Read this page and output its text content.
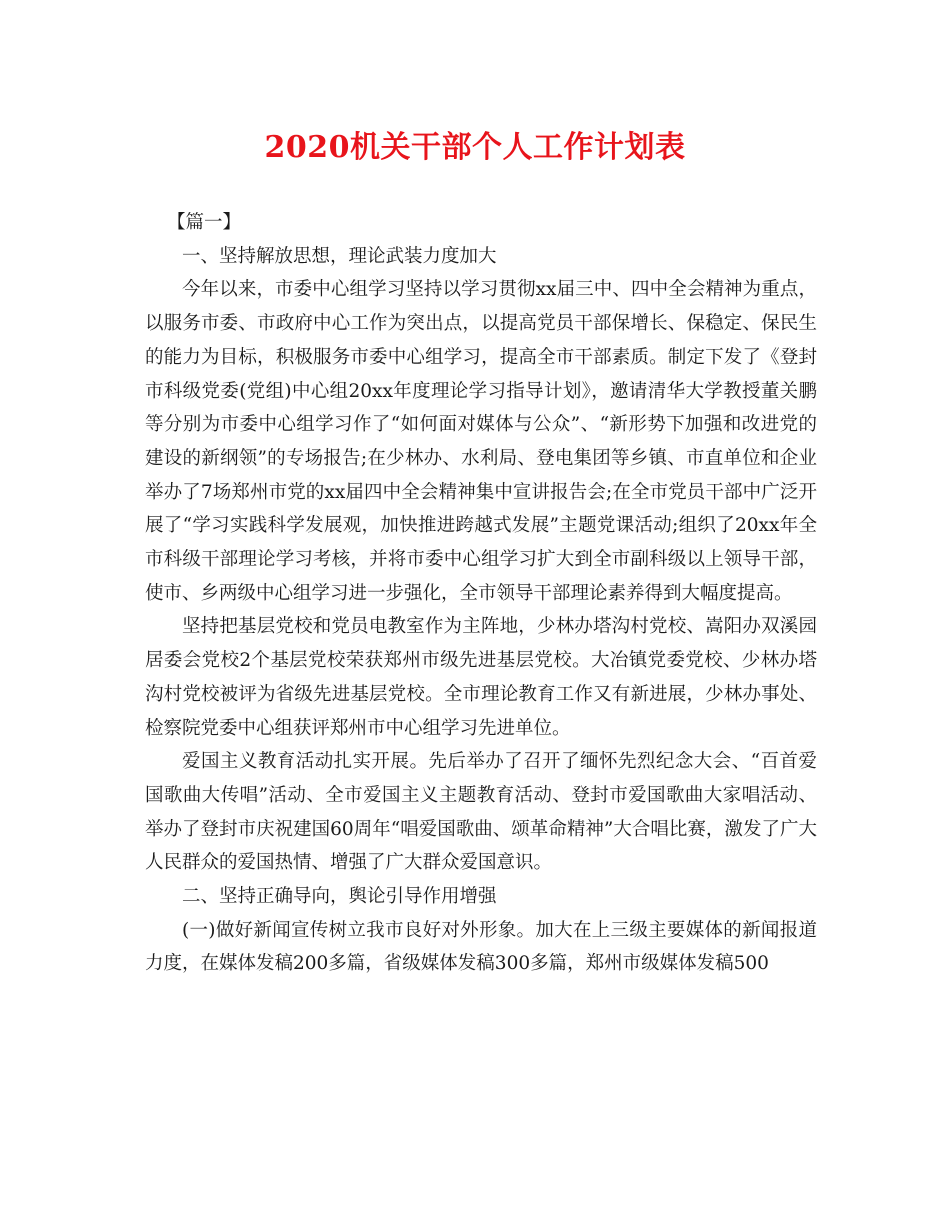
2020机关干部个人工作计划表

【篇一】

一、坚持解放思想，理论武装力度加大

今年以来，市委中心组学习坚持以学习贯彻xx届三中、四中全会精神为重点，以服务市委、市政府中心工作为突出点，以提高党员干部保增长、保稳定、保民生的能力为目标，积极服务市委中心组学习，提高全市干部素质。制定下发了《登封市科级党委(党组)中心组20xx年度理论学习指导计划》，邀请清华大学教授董关鹏等分别为市委中心组学习作了“如何面对媒体与公众”、“新形势下加强和改进党的建设的新纲领”的专场报告;在少林办、水利局、登电集团等乡镇、市直单位和企业举办了7场郑州市党的xx届四中全会精神集中宣讲报告会;在全市党员干部中广泛开展了“学习实践科学发展观，加快推进跨越式发展”主题党课活动;组织了20xx年全市科级干部理论学习考核，并将市委中心组学习扩大到全市副科级以上领导干部，使市、乡两级中心组学习进一步强化，全市领导干部理论素养得到大幅度提高。

坚持把基层党校和党员电教室作为主阵地，少林办塔沟村党校、嵩阳办双溪园居委会党校2个基层党校荣获郑州市级先进基层党校。大冶镇党委党校、少林办塔沟村党校被评为省级先进基层党校。全市理论教育工作又有新进展，少林办事处、检察院党委中心组获评郑州市中心组学习先进单位。

爱国主义教育活动扎实开展。先后举办了召开了缅怀先烈纪念大会、“百首爱国歌曲大传唱”活动、全市爱国主义主题教育活动、登封市爱国歌曲大家唱活动、举办了登封市庆祝建国60周年“唱爱国歌曲、颂革命精神”大合唱比赛，激发了广大人民群众的爱国热情、增强了广大群众爱国意识。

二、坚持正确导向，舆论引导作用增强

(一)做好新闻宣传树立我市良好对外形象。加大在上三级主要媒体的新闻报道力度，在媒体发稿200多篇，省级媒体发稿300多篇，郑州市级媒体发稿500
